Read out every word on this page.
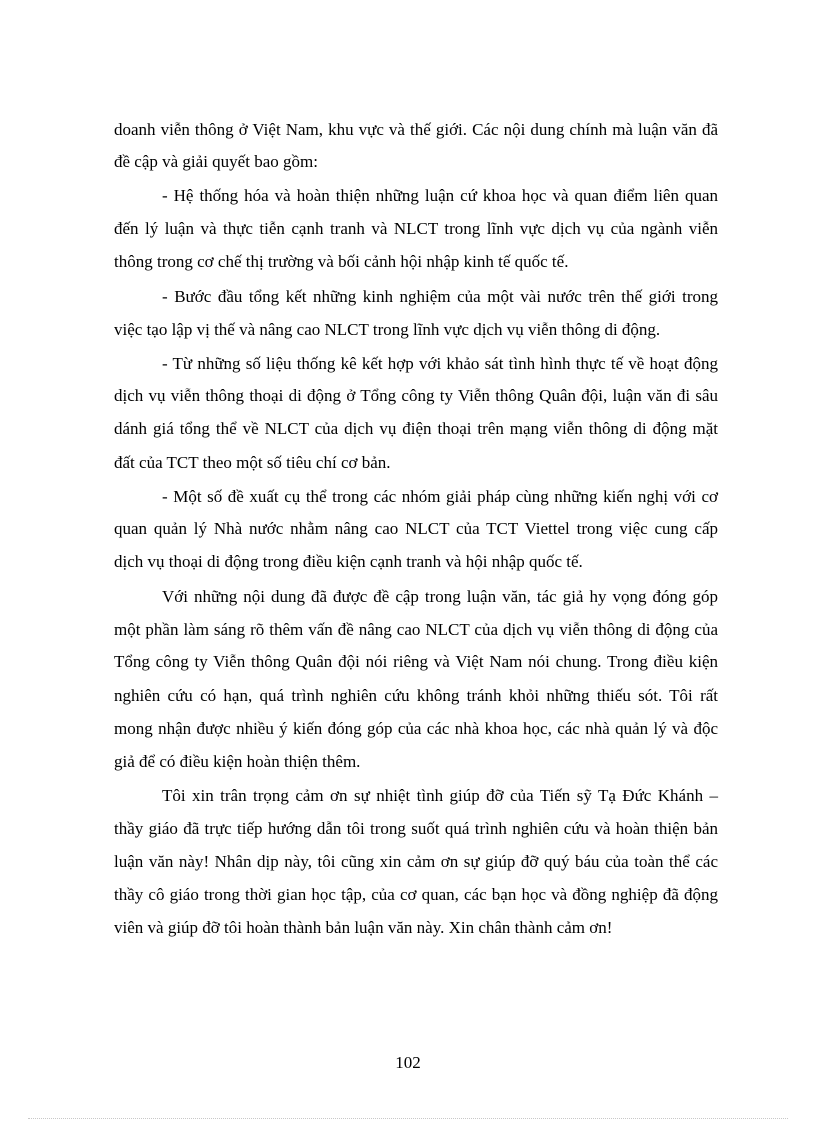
doanh viễn thông ở Việt Nam, khu vực và thế giới. Các nội dung chính mà luận văn đã
đề cập và giải quyết bao gồm:
- Hệ thống hóa và hoàn thiện những luận cứ khoa học và quan điểm liên quan
đến lý luận và thực tiễn cạnh tranh và NLCT trong lĩnh vực dịch vụ của ngành viễn
thông trong cơ chế thị trường và bối cảnh hội nhập kinh tế quốc tế.
- Bước đầu tổng kết những kinh nghiệm của một vài nước trên thế giới trong
việc tạo lập vị thế và nâng cao NLCT trong lĩnh vực dịch vụ viễn thông di động.
- Từ những số liệu thống kê kết hợp với khảo sát tình hình thực tế về hoạt động
dịch vụ viễn thông thoại di động ở Tổng công ty Viễn thông Quân đội, luận văn đi sâu
dánh giá tổng thể về NLCT của dịch vụ điện thoại trên mạng viễn thông di động mặt
đất của TCT theo một số tiêu chí cơ bản.
- Một số đề xuất cụ thể trong các nhóm giải pháp cùng những kiến nghị với cơ
quan quản lý Nhà nước nhằm nâng cao NLCT của TCT Viettel trong việc cung cấp
dịch vụ thoại di động trong điều kiện cạnh tranh và hội nhập quốc tế.
Với những nội dung đã được đề cập trong luận văn, tác giả hy vọng đóng góp
một phần làm sáng rõ thêm vấn đề nâng cao NLCT của dịch vụ viễn thông di động của
Tổng công ty Viễn thông Quân đội nói riêng và Việt Nam nói chung. Trong điều kiện
nghiên cứu có hạn, quá trình nghiên cứu không tránh khỏi những thiếu sót. Tôi rất
mong nhận được nhiều ý kiến đóng góp của các nhà khoa học, các nhà quản lý và độc
giả để có điều kiện hoàn thiện thêm.
Tôi xin trân trọng cảm ơn sự nhiệt tình giúp đỡ của Tiến sỹ Tạ Đức Khánh –
thầy giáo đã trực tiếp hướng dẫn tôi trong suốt quá trình nghiên cứu và hoàn thiện bản
luận văn này! Nhân dịp này, tôi cũng xin cảm ơn sự giúp đỡ quý báu của toàn thể các
thầy cô giáo trong thời gian học tập, của cơ quan, các bạn học và đồng nghiệp đã động
viên và giúp đỡ tôi hoàn thành bản luận văn này. Xin chân thành cảm ơn!
102
